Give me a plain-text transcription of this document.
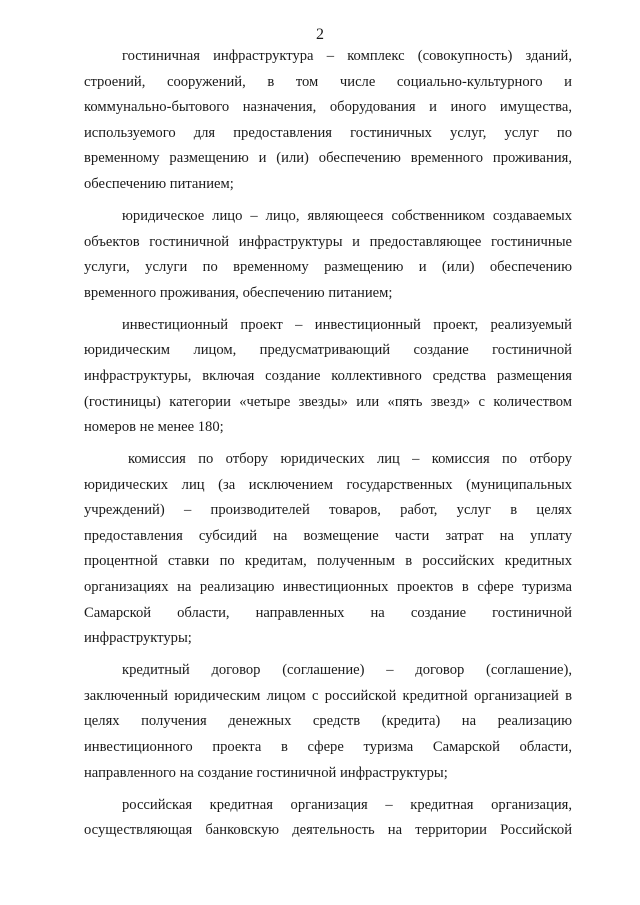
2
гостиничная инфраструктура – комплекс (совокупность) зданий,
строений, сооружений, в том числе социально-культурного и
коммунально-бытового назначения, оборудования и иного имущества,
используемого для предоставления гостиничных услуг, услуг по
временному размещению и (или) обеспечению временного проживания,
обеспечению питанием;
юридическое лицо – лицо, являющееся собственником создаваемых
объектов гостиничной инфраструктуры и предоставляющее гостиничные
услуги, услуги по временному размещению и (или) обеспечению
временного проживания, обеспечению питанием;
инвестиционный проект – инвестиционный проект, реализуемый
юридическим лицом, предусматривающий создание гостиничной
инфраструктуры, включая создание коллективного средства размещения
(гостиницы) категории «четыре звезды» или «пять звезд» с количеством
номеров не менее 180;
комиссия по отбору юридических лиц – комиссия по отбору
юридических лиц (за исключением государственных (муниципальных
учреждений) – производителей товаров, работ, услуг в целях
предоставления субсидий на возмещение части затрат на уплату
процентной ставки по кредитам, полученным в российских кредитных
организациях на реализацию инвестиционных проектов в сфере туризма
Самарской области, направленных на создание гостиничной
инфраструктуры;
кредитный договор (соглашение) – договор (соглашение),
заключенный юридическим лицом с российской кредитной организацией в
целях получения денежных средств (кредита) на реализацию
инвестиционного проекта в сфере туризма Самарской области,
направленного на создание гостиничной инфраструктуры;
российская кредитная организация – кредитная организация,
осуществляющая банковскую деятельность на территории Российской
